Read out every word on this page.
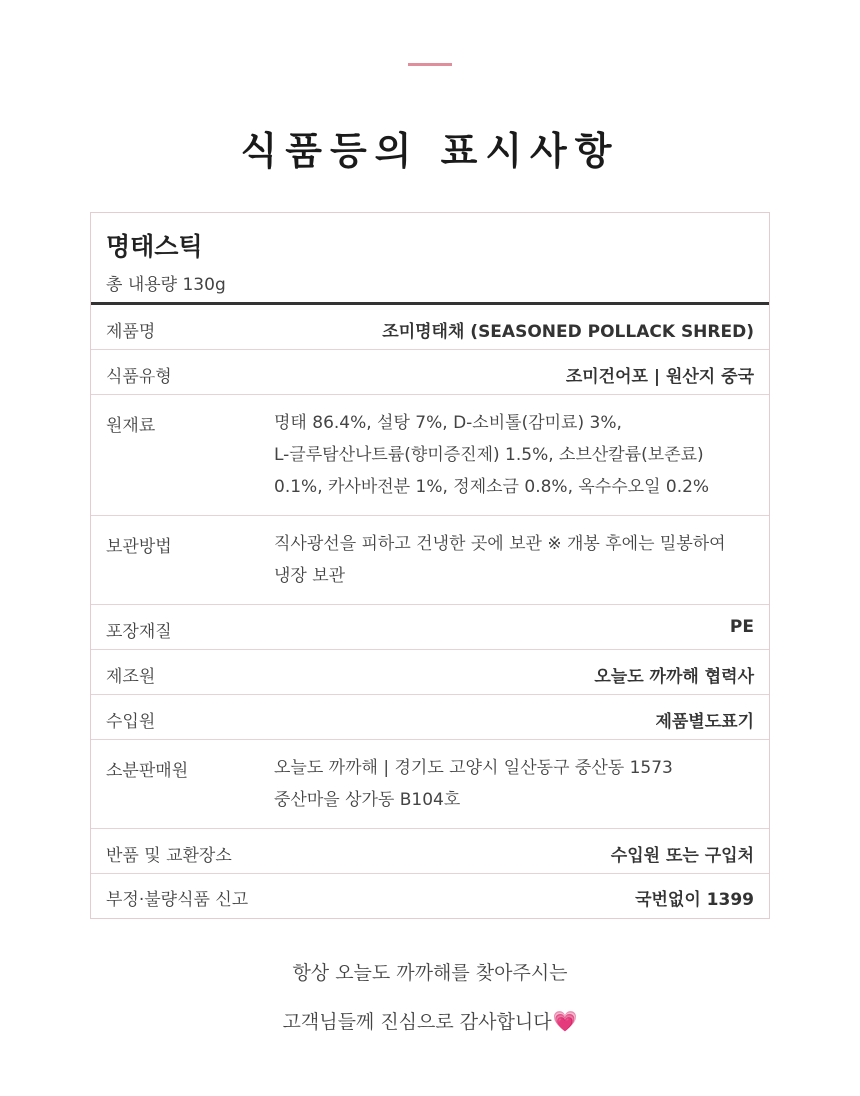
식품등의 표시사항
명태스틱
총 내용량 130g
제품명	조미명태채 (SEASONED POLLACK SHRED)
식품유형	조미건어포 | 원산지 중국
원재료	명태 86.4%, 설탕 7%, D-소비톨(감미료) 3%,
L-글루탐산나트륨(향미증진제) 1.5%, 소브산칼륨(보존료)
0.1%, 카사바전분 1%, 정제소금 0.8%, 옥수수오일 0.2%
보관방법	직사광선을 피하고 건냉한 곳에 보관 ※ 개봉 후에는 밀봉하여
냉장 보관
포장재질	PE
제조원	오늘도 까까해 협력사
수입원	제품별도표기
소분판매원	오늘도 까까해 | 경기도 고양시 일산동구 중산동 1573
중산마을 상가동 B104호
반품 및 교환장소	수입원 또는 구입처
부정·불량식품 신고	국번없이 1399
항상 오늘도 까까해를 찾아주시는
고객님들께 진심으로 감사합니다💗
